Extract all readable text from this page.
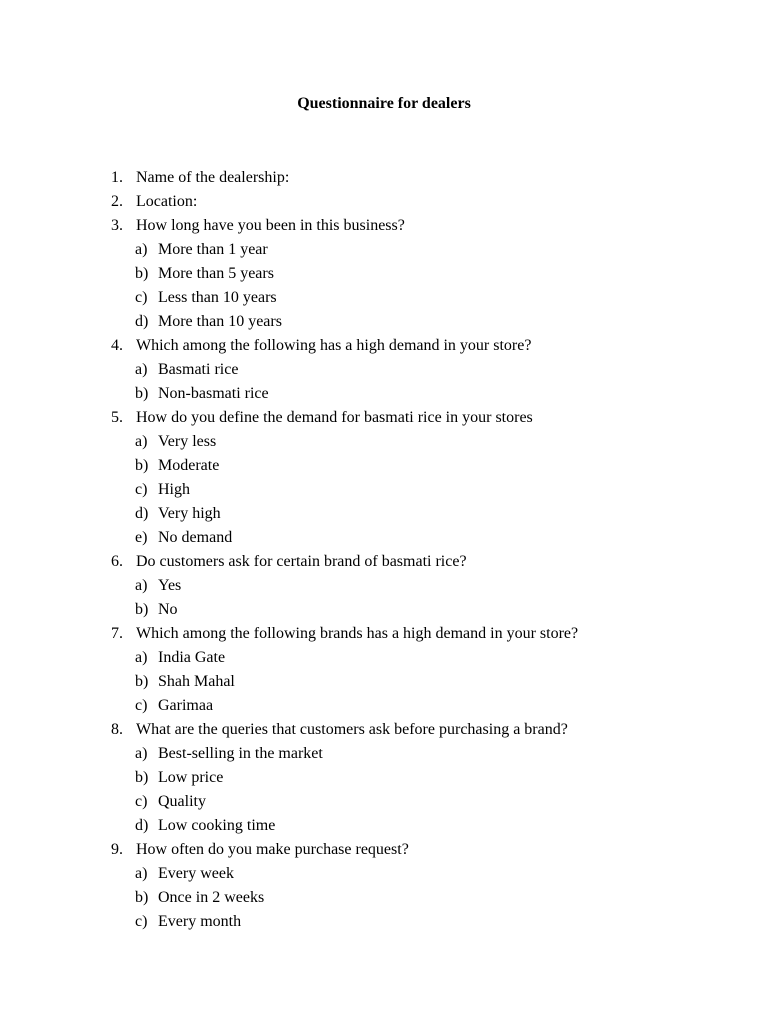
Questionnaire for dealers
1. Name of the dealership:
2. Location:
3. How long have you been in this business?
a) More than 1 year
b) More than 5 years
c) Less than 10 years
d) More than 10 years
4. Which among the following has a high demand in your store?
a) Basmati rice
b) Non-basmati rice
5. How do you define the demand for basmati rice in your stores
a) Very less
b) Moderate
c) High
d) Very high
e) No demand
6. Do customers ask for certain brand of basmati rice?
a) Yes
b) No
7. Which among the following brands has a high demand in your store?
a) India Gate
b) Shah Mahal
c) Garimaa
8. What are the queries that customers ask before purchasing a brand?
a) Best-selling in the market
b) Low price
c) Quality
d) Low cooking time
9. How often do you make purchase request?
a) Every week
b) Once in 2 weeks
c) Every month
